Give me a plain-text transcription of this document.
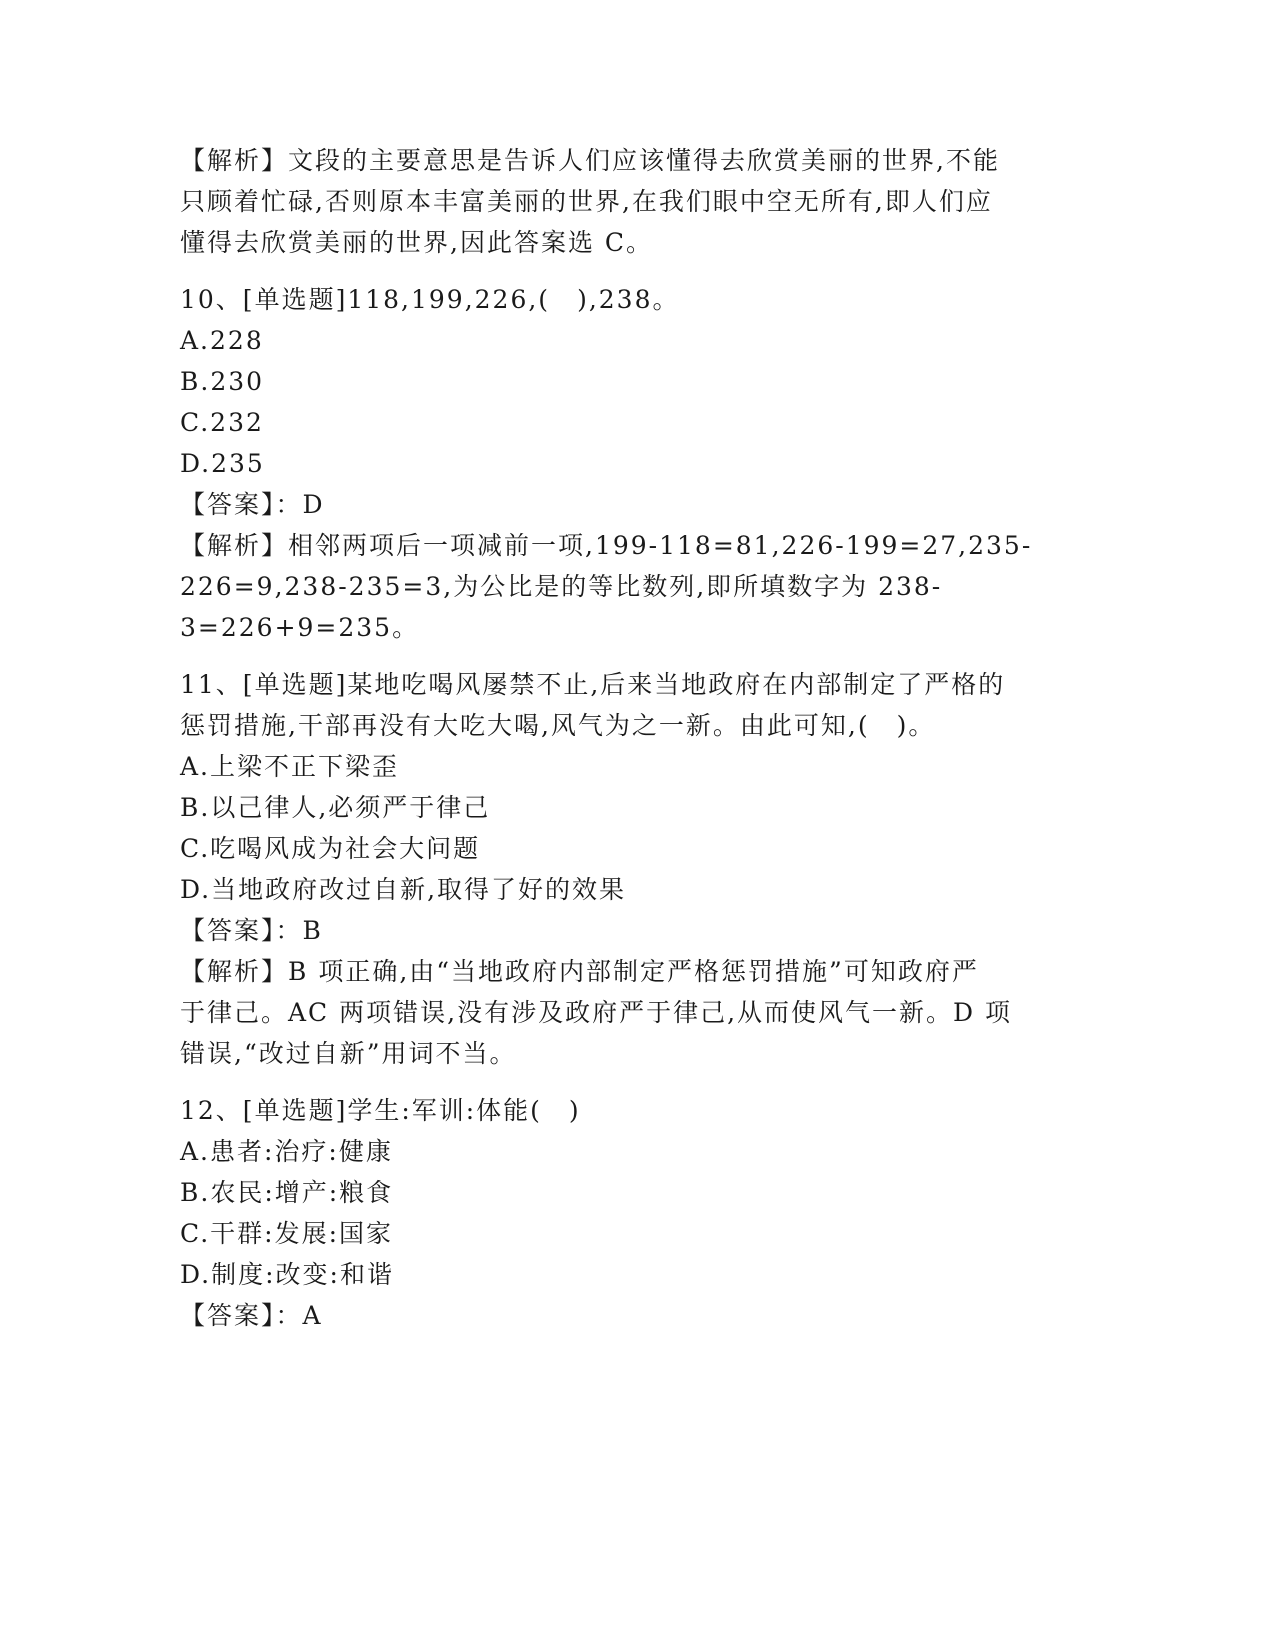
【解析】文段的主要意思是告诉人们应该懂得去欣赏美丽的世界,不能
只顾着忙碌,否则原本丰富美丽的世界,在我们眼中空无所有,即人们应
懂得去欣赏美丽的世界,因此答案选 C。
10、[单选题]118,199,226,(　),238。
A.228
B.230
C.232
D.235
【答案】：D
【解析】相邻两项后一项减前一项,199-118=81,226-199=27,235-
226=9,238-235=3,为公比是的等比数列,即所填数字为 238-
3=226+9=235。
11、[单选题]某地吃喝风屡禁不止,后来当地政府在内部制定了严格的
惩罚措施,干部再没有大吃大喝,风气为之一新。由此可知,(　)。
A.上梁不正下梁歪
B.以己律人,必须严于律己
C.吃喝风成为社会大问题
D.当地政府改过自新,取得了好的效果
【答案】：B
【解析】B 项正确,由“当地政府内部制定严格惩罚措施”可知政府严
于律己。AC 两项错误,没有涉及政府严于律己,从而使风气一新。D 项
错误,“改过自新”用词不当。
12、[单选题]学生:军训:体能(　)
A.患者:治疗:健康
B.农民:增产:粮食
C.干群:发展:国家
D.制度:改变:和谐
【答案】：A
